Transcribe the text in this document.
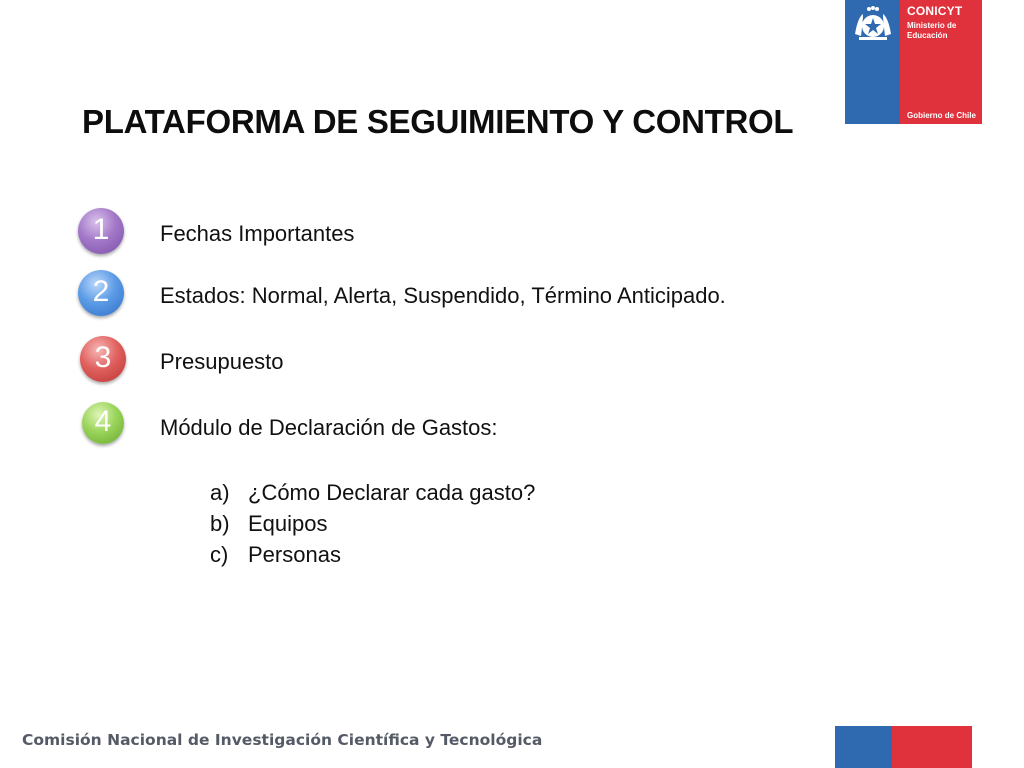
CONICYT
Ministerio de
Educación
Gobierno de Chile
PLATAFORMA DE SEGUIMIENTO Y CONTROL
1	Fechas Importantes
2	Estados: Normal, Alerta, Suspendido, Término Anticipado.
3	Presupuesto
4	Módulo de Declaración de Gastos:
a) ¿Cómo Declarar cada gasto?
b) Equipos
c) Personas
Comisión Nacional de Investigación Científica y Tecnológica
